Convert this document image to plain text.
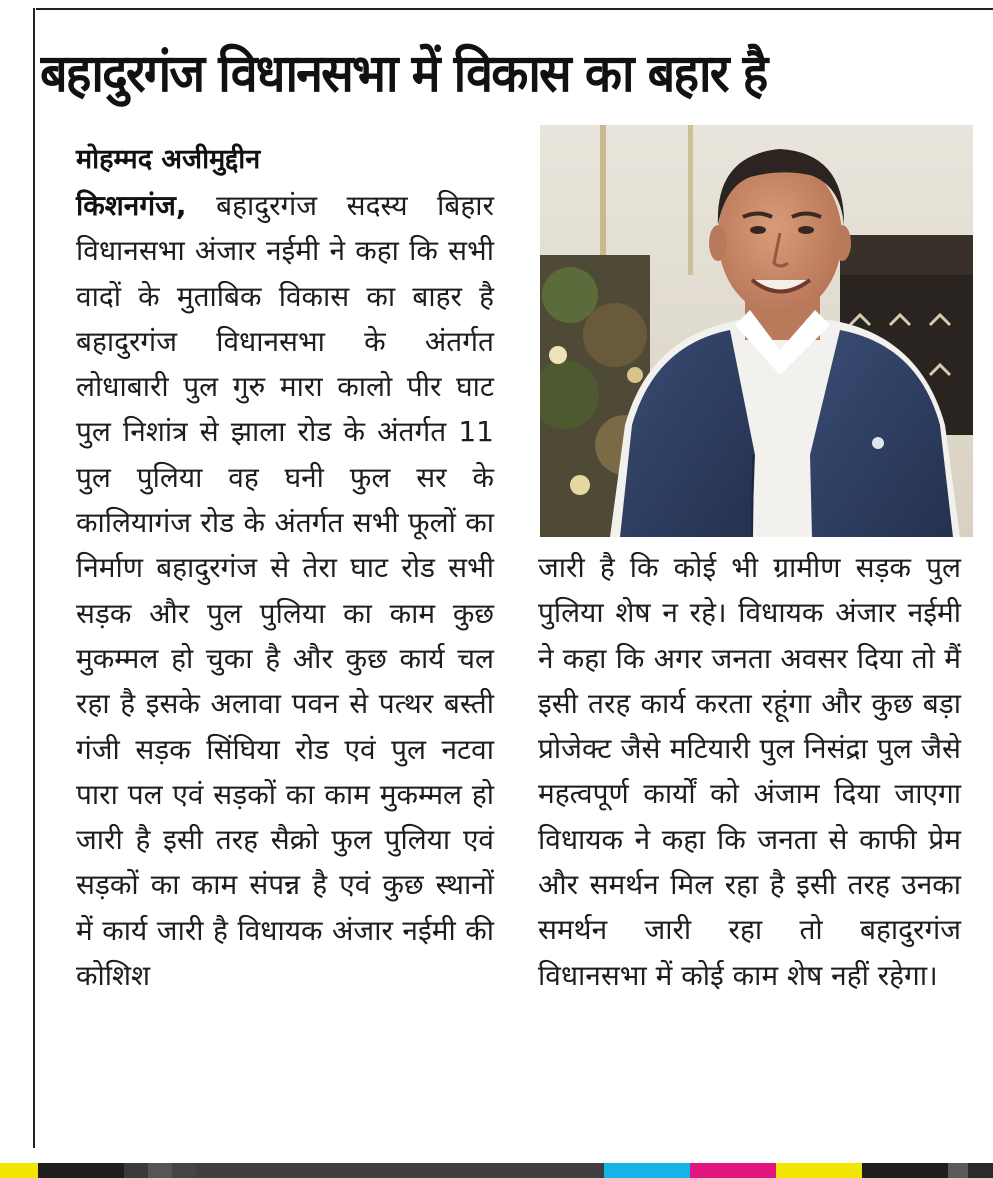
बहादुरगंज विधानसभा में विकास का बहार है
मोहम्मद अजीमुद्दीन
किशनगंज, बहादुरगंज सदस्य बिहार विधानसभा अंजार नईमी ने कहा कि सभी वादों के मुताबिक विकास का बाहर है बहादुरगंज विधानसभा के अंतर्गत लोधाबारी पुल गुरु मारा कालो पीर घाट पुल निशांत्र से झाला रोड के अंतर्गत 11 पुल पुलिया वह घनी फुल सर के कालियागंज रोड के अंतर्गत सभी फूलों का निर्माण बहादुरगंज से तेरा घाट रोड सभी सड़क और पुल पुलिया का काम कुछ मुकम्मल हो चुका है और कुछ कार्य चल रहा है इसके अलावा पवन से पत्थर बस्ती गंजी सड़क सिंघिया रोड एवं पुल नटवा पारा पल एवं सड़कों का काम मुकम्मल हो जारी है इसी तरह सैक्रो फुल पुलिया एवं सड़कों का काम संपन्न है एवं कुछ स्थानों में कार्य जारी है विधायक अंजार नईमी की कोशिश
जारी है कि कोई भी ग्रामीण सड़क पुल पुलिया शेष न रहे। विधायक अंजार नईमी ने कहा कि अगर जनता अवसर दिया तो मैं इसी तरह कार्य करता रहूंगा और कुछ बड़ा प्रोजेक्ट जैसे मटियारी पुल निसंद्रा पुल जैसे महत्वपूर्ण कार्यों को अंजाम दिया जाएगा विधायक ने कहा कि जनता से काफी प्रेम और समर्थन मिल रहा है इसी तरह उनका समर्थन जारी रहा तो बहादुरगंज विधानसभा में कोई काम शेष नहीं रहेगा।
